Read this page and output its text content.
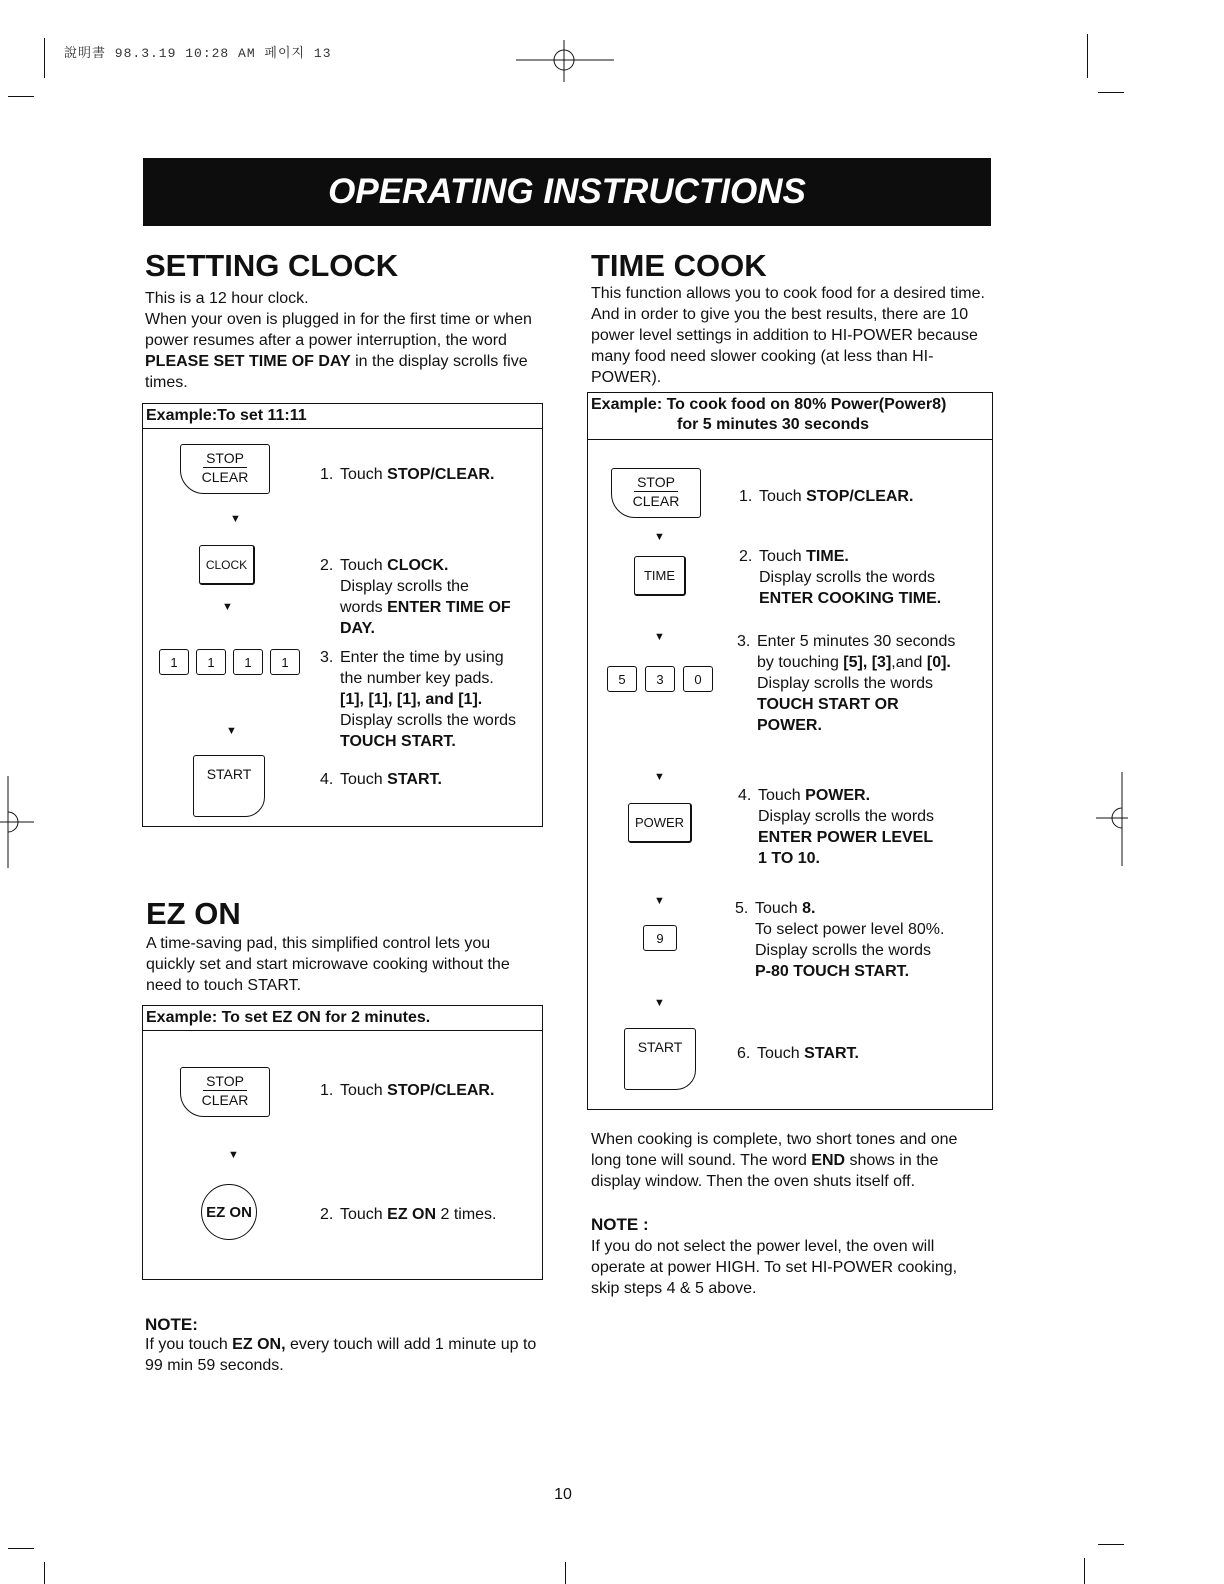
說明書 98.3.19 10:28 AM 페이지 13
OPERATING INSTRUCTIONS
SETTING CLOCK

This is a 12 hour clock.

When your oven is plugged in for the first time or when power resumes after a power interruption, the word PLEASE SET TIME OF DAY in the display scrolls five times.

Example:To set 11:11
STOP
CLEAR
▼
CLOCK
▼
1	1	1	1
▼
START
1. Touch STOP/CLEAR.
2. Touch CLOCK.
Display scrolls the
words ENTER TIME OF
DAY.
3. Enter the time by using
the number key pads.
[1], [1], [1], and [1].
Display scrolls the words
TOUCH START.
4. Touch START.
EZ ON

A time-saving pad, this simplified control lets you quickly set and start microwave cooking without the need to touch START.

Example: To set EZ ON for 2 minutes.
STOP
CLEAR
▼
EZ ON
1. Touch STOP/CLEAR.
2. Touch EZ ON 2 times.
NOTE:

If you touch EZ ON, every touch will add 1 minute up to 99 min 59 seconds.

TIME COOK

This function allows you to cook food for a desired time. And in order to give you the best results, there are 10 power level settings in addition to HI-POWER because many food need slower cooking (at less than HI-POWER).

Example: To cook food on 80% Power(Power8)
for 5 minutes 30 seconds
STOP
CLEAR
▼
TIME
▼
5	3	0
▼
POWER
▼
9
▼
START
1. Touch STOP/CLEAR.
2. Touch TIME.
Display scrolls the words
ENTER COOKING TIME.
3. Enter 5 minutes 30 seconds
by touching [5], [3],and [0].
Display scrolls the words
TOUCH START OR
POWER.
4. Touch POWER.
Display scrolls the words
ENTER POWER LEVEL
1 TO 10.
5. Touch 8.
To select power level 80%.
Display scrolls the words
P-80 TOUCH START.
6. Touch START.

When cooking is complete, two short tones and one long tone will sound. The word END shows in the display window. Then the oven shuts itself off.

NOTE :

If you do not select the power level, the oven will operate at power HIGH. To set HI-POWER cooking, skip steps 4 & 5 above.

10
